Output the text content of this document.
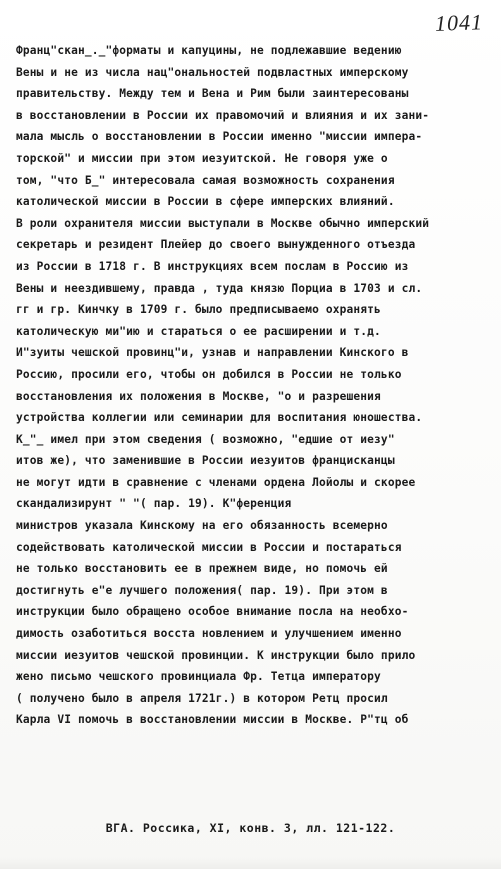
1041
Франц"скан_._"форматы и капуцины, не подлежавшие ведению
Вены и не из числа нац"ональностей подвластных имперскому
правительству. Между тем и Вена и Рим были заинтересованы
в восстановлении в России их правомочий и влияния и их зани-
мала мысль о восстановлении в России именно "миссии импера-
торской" и миссии при этом иезуитской. Не говоря уже о
том, "что Б_" интересовала самая возможность сохранения
католической миссии в России в сфере имперских влияний.
В роли охранителя миссии выступали в Москве обычно имперский
секретарь и резидент Плейер до своего вынужденного отъезда
из России в 1718 г. В инструкциях всем послам в Россию из
Вены и неездившему, правда , туда князю Порциа в 1703 и сл.
гг и гр. Кинчку в 1709 г. было предписываемо охранять
католическую ми"ию и стараться о ее расширении и т.д.
И"зуиты чешской провинц"и, узнав и направлении Кинского в
Россию, просили его, чтобы он добился в России не только
восстановления их положения в Москве, "о и разрешения
устройства коллегии или семинарии для воспитания юношества.
К_"_ имел при этом сведения ( возможно, "едшие от иезу"
итов же), что заменившие в России иезуитов францисканцы
не могут идти в сравнение с членами ордена Лойолы и скорее
скандализирунт " "( пар. 19). К"ференция
министров указала Кинскому на его обязанность всемерно
содействовать католической миссии в России и постараться
не только восстановить ее в прежнем виде, но помочь ей
достигнуть е"е лучшего положения( пар. 19). При этом в
инструкции было обращено особое внимание посла на необхо-
димость озаботиться восста новлением и улучшением именно
миссии иезуитов чешской провинции. К инструкции было прило
жено письмо чешского провинциала Фр. Тетца императору
( получено было в апреля 1721г.) в котором Ретц просил
Карла VI помочь в восстановлении миссии в Москве. Р"тц об
ВГА. Россика, XI, конв. 3, лл. 121-122.
